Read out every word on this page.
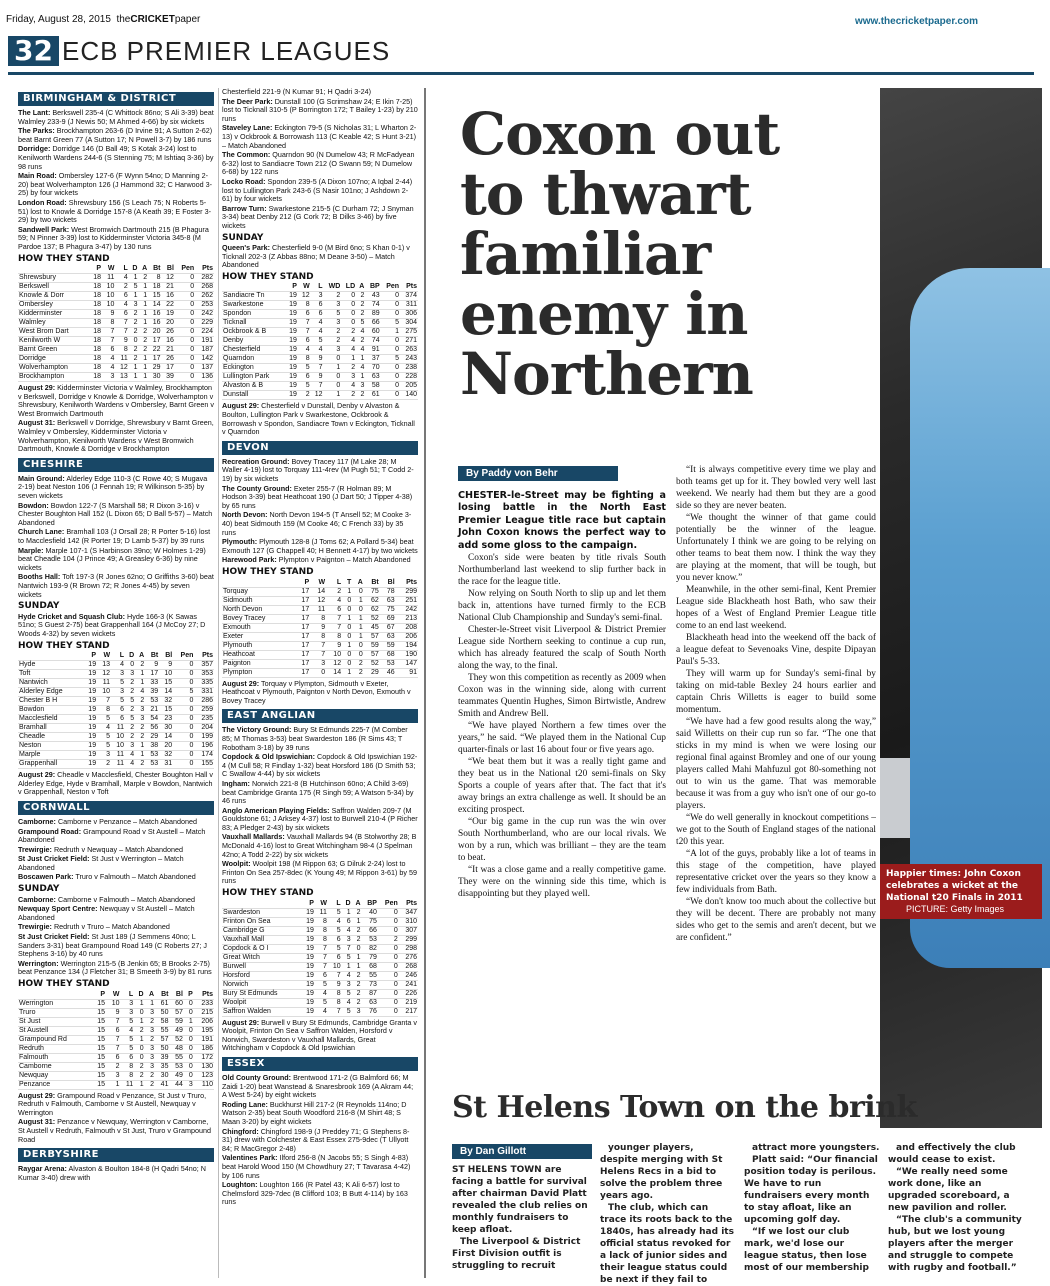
Friday, August 28, 2015 theCRICKETpaper	www.thecricketpaper.com
32 ECB PREMIER LEAGUES
BIRMINGHAM & DISTRICT
The Lant: Berkswell 235-4 (C Whittock 86no; S Ali 3-39) beat Walmley 233-9 (J Newis 50; M Ahmed 4-66) by six wickets
The Parks: Brockhampton 263-6 (D Irvine 91; A Sutton 2-62) beat Barnt Green 77 (A Sutton 17; N Powell 3-7) by 186 runs
Dorridge: Dorridge 146 (D Ball 49; S Kotak 3-24) lost to Kenilworth Wardens 244-6 (S Stenning 75; M Ishtiaq 3-36) by 98 runs
Main Road: Ombersley 127-6 (F Wynn 54no; D Manning 2-20) beat Wolverhampton 126 (J Hammond 32; C Harwood 3-25) by four wickets
London Road: Shrewsbury 156 (S Leach 75; N Roberts 5-51) lost to Knowle & Dorridge 157-8 (A Keath 39; E Foster 3-29) by two wickets
Sandwell Park: West Bromwich Dartmouth 215 (B Phagura 59; N Pinner 3-39) lost to Kidderminster Victoria 345-8 (M Pardoe 137; B Phagura 3-47) by 130 runs
HOW THEY STAND
	P	W	L	D	A	Bt	Bl	Pen	Pts
Shrewsbury	18	11	4	1	2	8	12	0	282
Berkswell	18	10	2	5	1	18	21	0	268
Knowle & Dorr	18	10	6	1	1	15	16	0	262
Ombersley	18	10	4	3	1	14	22	0	253
Kidderminster	18	9	6	2	1	16	19	0	242
Walmley	18	8	7	2	1	16	20	0	229
West Brom Dart	18	7	7	2	2	20	26	0	224
Kenilworth W	18	7	9	0	2	17	16	0	191
Barnt Green	18	6	8	2	2	22	21	0	187
Dorridge	18	4	11	2	1	17	26	0	142
Wolverhampton	18	4	12	1	1	29	17	0	137
Brockhampton	18	3	13	1	1	30	39	0	136
August 29: Kidderminster Victoria v Walmley, Brockhampton v Berkswell, Dorridge v Knowle & Dorridge, Wolverhampton v Shrewsbury, Kenilworth Wardens v Ombersley, Barnt Green v West Bromwich Dartmouth
August 31: Berkswell v Dorridge, Shrewsbury v Barnt Green, Walmley v Ombersley, Kidderminster Victoria v Wolverhampton, Kenilworth Wardens v West Bromwich Dartmouth, Knowle & Dorridge v Brockhampton
CHESHIRE
Main Ground: Alderley Edge 110-3 (C Rowe 40; S Mugava 2-19) beat Neston 106 (J Fennah 19; R Wilkinson 5-35) by seven wickets
Bowdon: Bowdon 122-7 (S Marshall 58; R Dixon 3-16) v Chester Boughton Hall 152 (L Dixon 65; D Ball 5-57) – Match Abandoned
Church Lane: Bramhall 103 (J Orsall 28; R Porter 5-16) lost to Macclesfield 142 (R Porter 19; D Lamb 5-37) by 39 runs
Marple: Marple 107-1 (S Harbinson 39no; W Holmes 1-29) beat Cheadle 104 (J Prince 49; A Greasley 6-36) by nine wickets
Booths Hall: Toft 197-3 (R Jones 62no; O Griffiths 3-60) beat Nantwich 193-9 (R Brown 72; R Jones 4-45) by seven wickets
SUNDAY
Hyde Cricket and Squash Club: Hyde 166-3 (K Sawas 51no; S Guest 2-75) beat Grappenhall 164 (J McCoy 27; D Woods 4-32) by seven wickets
HOW THEY STAND
	P	W	L	D	A	Bt	Bl	Pen	Pts
Hyde	19	13	4	0	2	9	9	0	357
Toft	19	12	3	3	1	17	10	0	353
Nantwich	19	11	5	2	1	33	15	0	335
Alderley Edge	19	10	3	2	4	39	14	5	331
Chester B H	19	7	5	5	2	53	32	0	286
Bowdon	19	8	6	2	3	21	15	0	259
Macclesfield	19	5	6	5	3	54	23	0	235
Bramhall	19	4	11	2	2	56	30	0	204
Cheadle	19	5	10	2	2	29	14	0	199
Neston	19	5	10	3	1	38	20	0	196
Marple	19	3	11	4	1	53	32	0	174
Grappenhall	19	2	11	4	2	53	31	0	155
August 29: Cheadle v Macclesfield, Chester Boughton Hall v Alderley Edge, Hyde v Bramhall, Marple v Bowdon, Nantwich v Grappenhall, Neston v Toft
CORNWALL
Camborne: Camborne v Penzance – Match Abandoned
Grampound Road: Grampound Road v St Austell – Match Abandoned
Trewirgie: Redruth v Newquay – Match Abandoned
St Just Cricket Field: St Just v Werrington – Match Abandoned
Boscawen Park: Truro v Falmouth – Match Abandoned
SUNDAY
Camborne: Camborne v Falmouth – Match Abandoned
Newquay Sport Centre: Newquay v St Austell – Match Abandoned
Trewirgie: Redruth v Truro – Match Abandoned
St Just Cricket Field: St Just 189 (J Semmens 40no; L Sanders 3-31) beat Grampound Road 149 (C Roberts 27; J Stephens 3-16) by 40 runs
Werrington: Werrington 215-5 (B Jenkin 65; B Brooks 2-75) beat Penzance 134 (J Fletcher 31; B Smeeth 3-9) by 81 runs
HOW THEY STAND
	P	W	L	D	A	Bt	Bl	P	Pts
Werrington	15	10	3	1	1	61	60	0	233
Truro	15	9	3	0	3	50	57	0	215
St Just	15	7	5	1	2	58	59	1	206
St Austell	15	6	4	2	3	55	49	0	195
Grampound Rd	15	7	5	1	2	57	52	0	191
Redruth	15	7	5	0	3	50	48	0	186
Falmouth	15	6	6	0	3	39	55	0	172
Camborne	15	2	8	2	3	35	53	0	130
Newquay	15	3	8	2	2	30	49	0	123
Penzance	15	1	11	1	2	41	44	3	110
August 29: Grampound Road v Penzance, St Just v Truro, Redruth v Falmouth, Camborne v St Austell, Newquay v Werrington
August 31: Penzance v Newquay, Werrington v Camborne, St Austell v Redruth, Falmouth v St Just, Truro v Grampound Road
DERBYSHIRE
Raygar Arena: Alvaston & Boulton 184-8 (H Qadri 54no; N Kumar 3-40) drew with
Chesterfield 221-9 (N Kumar 91; H Qadri 3-24)
The Deer Park: Dunstall 100 (G Scrimshaw 24; E Ikin 7-25) lost to Ticknall 310-5 (P Borrington 172; T Bailey 1-23) by 210 runs
Staveley Lane: Eckington 79-5 (S Nicholas 31; L Wharton 2-13) v Ockbrook & Borrowash 113 (C Keable 42; S Hunt 3-21) – Match Abandoned
The Common: Quarndon 90 (N Dumelow 43; R McFadyean 6-32) lost to Sandiacre Town 212 (O Swann 59; N Dumelow 6-68) by 122 runs
Locko Road: Spondon 239-5 (A Dixon 107no; A Iqbal 2-44) lost to Lullington Park 243-6 (S Nasir 101no; J Ashdown 2-61) by four wickets
Barrow Turn: Swarkestone 215-5 (C Durham 72; J Snyman 3-34) beat Denby 212 (G Cork 72; B Dilks 3-46) by five wickets
SUNDAY
Queen's Park: Chesterfield 9-0 (M Bird 6no; S Khan 0-1) v Ticknall 202-3 (Z Abbas 88no; M Deane 3-50) – Match Abandoned
HOW THEY STAND
	P	W	L	WD	LD	A	BP	Pen	Pts
Sandiacre Tn	19	12	3	2	0	2	43	0	374
Swarkestone	19	8	6	3	0	2	74	0	311
Spondon	19	6	6	5	0	2	89	0	306
Ticknall	19	7	4	3	0	5	66	5	304
Ockbrook & B	19	7	4	2	2	4	60	1	275
Denby	19	6	5	2	4	2	74	0	271
Chesterfield	19	4	4	3	4	4	91	0	263
Quarndon	19	8	9	0	1	1	37	5	243
Eckington	19	5	7	1	2	4	70	0	238
Lullington Park	19	6	9	0	3	1	63	0	228
Alvaston & B	19	5	7	0	4	3	58	0	205
Dunstall	19	2	12	1	2	2	61	0	140
August 29: Chesterfield v Dunstall, Denby v Alvaston & Boulton, Lullington Park v Swarkestone, Ockbrook & Borrowash v Spondon, Sandiacre Town v Eckington, Ticknall v Quarndon
DEVON
Recreation Ground: Bovey Tracey 117 (M Lake 28; M Waller 4-19) lost to Torquay 111-4rev (M Pugh 51; T Codd 2-19) by six wickets
The County Ground: Exeter 255-7 (R Holman 89; M Hodson 3-39) beat Heathcoat 190 (J Dart 50; J Tipper 4-38) by 65 runs
North Devon: North Devon 194-5 (T Ansell 52; M Cooke 3-40) beat Sidmouth 159 (M Cooke 46; C French 33) by 35 runs
Plymouth: Plymouth 128-8 (J Toms 62; A Pollard 5-34) beat Exmouth 127 (G Chappell 40; H Bennett 4-17) by two wickets
Harewood Park: Plympton v Paignton – Match Abandoned
HOW THEY STAND
	P	W	L	T	A	Bt	Bl	Pts
Torquay	17	14	2	1	0	75	78	299
Sidmouth	17	12	4	0	1	62	63	251
North Devon	17	11	6	0	0	62	75	242
Bovey Tracey	17	8	7	1	1	52	69	213
Exmouth	17	9	7	0	1	45	67	208
Exeter	17	8	8	0	1	57	63	206
Plymouth	17	7	9	1	0	59	59	194
Heathcoat	17	7	10	0	0	57	68	190
Paignton	17	3	12	0	2	52	53	147
Plympton	17	0	14	1	2	29	46	91
August 29: Torquay v Plympton, Sidmouth v Exeter, Heathcoat v Plymouth, Paignton v North Devon, Exmouth v Bovey Tracey
EAST ANGLIAN
The Victory Ground: Bury St Edmunds 225-7 (M Comber 85; M Thomas 3-53) beat Swardeston 186 (R Sims 43; T Robotham 3-18) by 39 runs
Copdock & Old Ipswichian: Copdock & Old Ipswichian 192-4 (M Cull 58; R Findlay 1-32) beat Horsford 186 (D Smith 53; C Swallow 4-44) by six wickets
Ingham: Norwich 221-8 (B Hutchinson 60no; A Child 3-69) beat Cambridge Granta 175 (R Singh 59; A Watson 5-34) by 46 runs
Anglo American Playing Fields: Saffron Walden 209-7 (M Gouldstone 61; J Arksey 4-37) lost to Burwell 210-4 (P Richer 83; A Pledger 2-43) by six wickets
Vauxhall Mallards: Vauxhall Mallards 94 (B Stolworthy 28; B McDonald 4-16) lost to Great Witchingham 98-4 (J Spelman 42no; A Todd 2-22) by six wickets
Woolpit: Woolpit 198 (M Rippon 63; G Dilruk 2-24) lost to Frinton On Sea 257-8dec (K Young 49; M Rippon 3-61) by 59 runs
HOW THEY STAND
	P	W	L	D	A	BP	Pen	Pts
Swardeston	19	11	5	1	2	40	0	347
Frinton On Sea	19	8	4	6	1	75	0	310
Cambridge G	19	8	5	4	2	66	0	307
Vauxhall Mall	19	8	6	3	2	53	2	299
Copdock & O I	19	7	5	7	0	82	0	298
Great Witch	19	7	6	5	1	79	0	276
Burwell	19	7	10	1	1	68	0	268
Horsford	19	6	7	4	2	55	0	246
Norwich	19	5	9	3	2	73	0	241
Bury St Edmunds	19	4	8	5	2	87	0	226
Woolpit	19	5	8	4	2	63	0	219
Saffron Walden	19	4	7	5	3	76	0	217
August 29: Burwell v Bury St Edmunds, Cambridge Granta v Woolpit, Frinton On Sea v Saffron Walden, Horsford v Norwich, Swardeston v Vauxhall Mallards, Great Witchingham v Copdock & Old Ipswichian
ESSEX
Old County Ground: Brentwood 171-2 (G Balmford 66; M Zaidi 1-20) beat Wanstead & Snaresbrook 169 (A Akram 44; A West 5-24) by eight wickets
Roding Lane: Buckhurst Hill 217-2 (R Reynolds 114no; D Watson 2-35) beat South Woodford 216-8 (M Shirt 48; S Maan 3-20) by eight wickets
Chingford: Chingford 198-9 (J Preddey 71; G Stephens 8-31) drew with Colchester & East Essex 275-9dec (T Ullyott 84; R MacGregor 2-48)
Valentines Park: Ilford 256-8 (N Jacobs 55; S Singh 4-83) beat Harold Wood 150 (M Chowdhury 27; T Tavarasa 4-42) by 106 runs
Loughton: Loughton 166 (R Patel 43; K Ali 6-57) lost to Chelmsford 329-7dec (B Clifford 103; B Butt 4-114) by 163 runs
Coxon out
to thwart
familiar
enemy in
Northern
Happier times: John Coxon celebrates a wicket at the National t20 Finals in 2011
PICTURE: Getty Images
By Paddy von Behr

CHESTER-le-Street may be fighting a losing battle in the North East Premier League title race but captain John Coxon knows the perfect way to add some gloss to the campaign.

Coxon's side were beaten by title rivals South Northumberland last weekend to slip further back in the race for the league title.

Now relying on South North to slip up and let them back in, attentions have turned firmly to the ECB National Club Championship and Sunday's semi-final.

Chester-le-Street visit Liverpool & District Premier League side Northern seeking to continue a cup run, which has already featured the scalp of South North along the way, to the final.

They won this competition as recently as 2009 when Coxon was in the winning side, along with current teammates Quentin Hughes, Simon Birtwistle, Andrew Smith and Andrew Bell.

“We have played Northern a few times over the years,” he said. “We played them in the National Cup quarter-finals or last 16 about four or five years ago.

“We beat them but it was a really tight game and they beat us in the National t20 semi-finals on Sky Sports a couple of years after that. The fact that it's away brings an extra challenge as well. It should be an exciting prospect.

“Our big game in the cup run was the win over South Northumberland, who are our local rivals. We won by a run, which was brilliant – they are the team to beat.

“It was a close game and a really competitive game. They were on the winning side this time, which is disappointing but they played well.

“It is always competitive every time we play and both teams get up for it. They bowled very well last weekend. We nearly had them but they are a good side so they are never beaten.

“We thought the winner of that game could potentially be the winner of the league. Unfortunately I think we are going to be relying on other teams to beat them now. I think the way they are playing at the moment, that will be tough, but you never know.”

Meanwhile, in the other semi-final, Kent Premier League side Blackheath host Bath, who saw their hopes of a West of England Premier League title come to an end last weekend.

Blackheath head into the weekend off the back of a league defeat to Sevenoaks Vine, despite Dipayan Paul's 5-33.

They will warm up for Sunday's semi-final by taking on mid-table Bexley 24 hours earlier and captain Chris Willetts is eager to build some momentum.

“We have had a few good results along the way,” said Willetts on their cup run so far. “The one that sticks in my mind is when we were losing our regional final against Bromley and one of our young players called Mahi Mahfuzul got 80-something not out to win us the game. That was memorable because it was from a guy who isn't one of our go-to players.

“We do well generally in knockout competitions – we got to the South of England stages of the national t20 this year.

“A lot of the guys, probably like a lot of teams in this stage of the competition, have played representative cricket over the years so they know a few individuals from Bath.

“We don't know too much about the collective but they will be decent. There are probably not many sides who get to the semis and aren't decent, but we are confident.”

St Helens Town on the brink
By Dan Gillott

ST HELENS TOWN are facing a battle for survival after chairman David Platt revealed the club relies on monthly fundraisers to keep afloat.

The Liverpool & District First Division outfit is struggling to recruit

younger players, despite merging with St Helens Recs in a bid to solve the problem three years ago.

The club, which can trace its roots back to the 1840s, has already had its official status revoked for a lack of junior sides and their league status could be next if they fail to

attract more youngsters.

Platt said: “Our financial position today is perilous. We have to run fundraisers every month to stay afloat, like an upcoming golf day.

“If we lost our club mark, we'd lose our league status, then lose most of our membership

and effectively the club would cease to exist.

“We really need some work done, like an upgraded scoreboard, a new pavilion and roller.

“The club's a community hub, but we lost young players after the merger and struggle to compete with rugby and football.”
